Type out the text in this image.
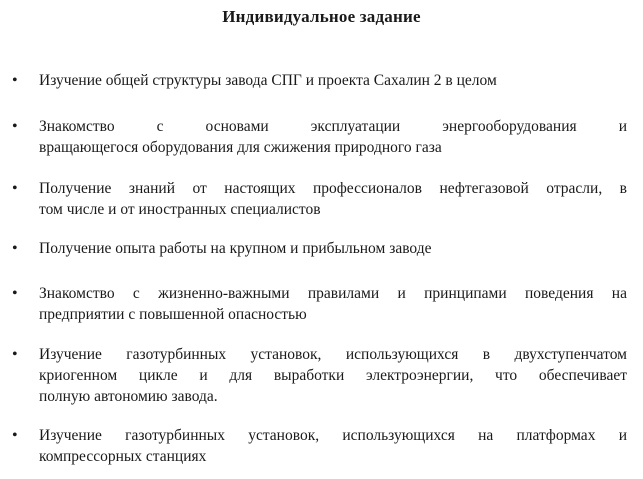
Индивидуальное задание
• Изучение общей структуры завода СПГ и проекта Сахалин 2 в целом
• Знакомство с основами эксплуатации энергооборудования и
вращающегося оборудования для сжижения природного газа
• Получение знаний от настоящих профессионалов нефтегазовой отрасли, в
том числе и от иностранных специалистов
• Получение опыта работы на крупном и прибыльном заводе
• Знакомство с жизненно-важными правилами и принципами поведения на
предприятии с повышенной опасностью
• Изучение газотурбинных установок, использующихся в двухступенчатом
криогенном цикле и для выработки электроэнергии, что обеспечивает
полную автономию завода.
• Изучение газотурбинных установок, использующихся на платформах и
компрессорных станциях
